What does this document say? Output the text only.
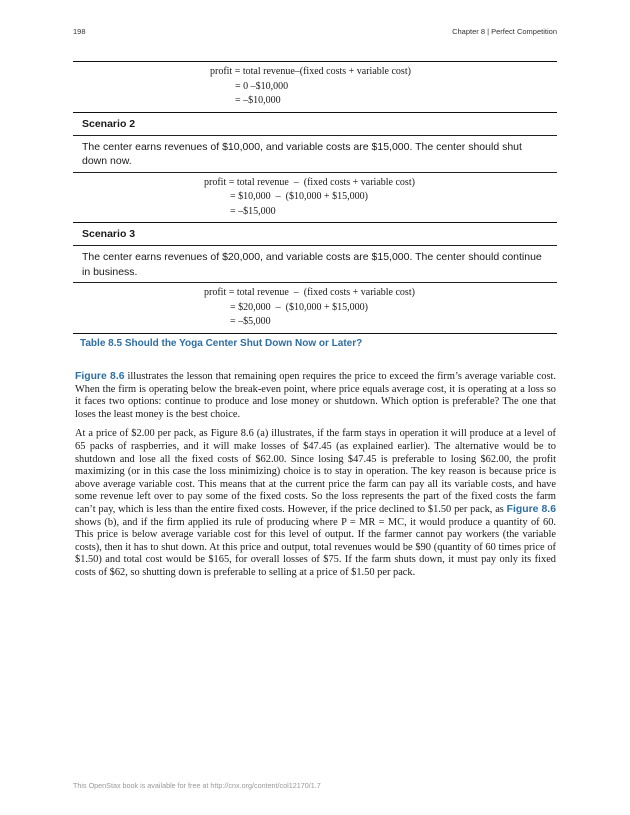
198	Chapter 8 | Perfect Competition
profit = total revenue–(fixed costs + variable cost)
= 0 –$10,000
= –$10,000
Scenario 2
The center earns revenues of $10,000, and variable costs are $15,000. The center should shut down now.
profit = total revenue  –  (fixed costs + variable cost)
= $10,000  –  ($10,000 + $15,000)
= –$15,000
Scenario 3
The center earns revenues of $20,000, and variable costs are $15,000. The center should continue in business.
profit = total revenue  –  (fixed costs + variable cost)
= $20,000  –  ($10,000 + $15,000)
= –$5,000
Table 8.5 Should the Yoga Center Shut Down Now or Later?

Figure 8.6 illustrates the lesson that remaining open requires the price to exceed the firm’s average variable cost. When the firm is operating below the break-even point, where price equals average cost, it is operating at a loss so it faces two options: continue to produce and lose money or shutdown. Which option is preferable? The one that loses the least money is the best choice.

At a price of $2.00 per pack, as Figure 8.6 (a) illustrates, if the farm stays in operation it will produce at a level of 65 packs of raspberries, and it will make losses of $47.45 (as explained earlier). The alternative would be to shutdown and lose all the fixed costs of $62.00. Since losing $47.45 is preferable to losing $62.00, the profit maximizing (or in this case the loss minimizing) choice is to stay in operation. The key reason is because price is above average variable cost. This means that at the current price the farm can pay all its variable costs, and have some revenue left over to pay some of the fixed costs. So the loss represents the part of the fixed costs the farm can’t pay, which is less than the entire fixed costs. However, if the price declined to $1.50 per pack, as Figure 8.6 shows (b), and if the firm applied its rule of producing where P = MR = MC, it would produce a quantity of 60. This price is below average variable cost for this level of output. If the farmer cannot pay workers (the variable costs), then it has to shut down. At this price and output, total revenues would be $90 (quantity of 60 times price of $1.50) and total cost would be $165, for overall losses of $75. If the farm shuts down, it must pay only its fixed costs of $62, so shutting down is preferable to selling at a price of $1.50 per pack.

This OpenStax book is available for free at http://cnx.org/content/col12170/1.7
